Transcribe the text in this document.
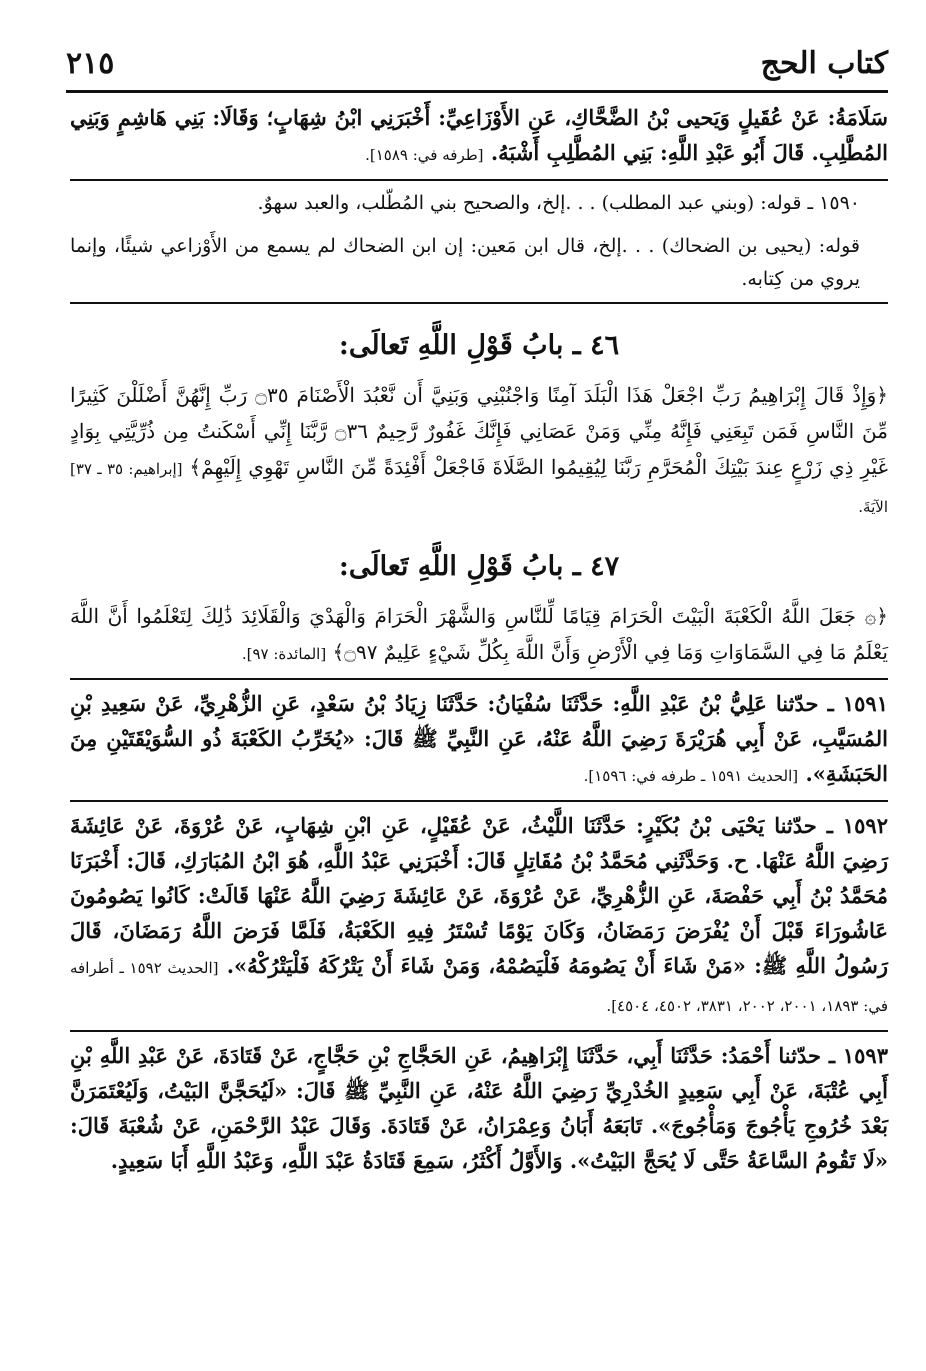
كتاب الحج
٢١٥

سَلَامَةُ: عَنْ عُقَيلٍ وَيَحيى بْنُ الضَّحَّاكِ، عَنِ الأَوْزَاعِيِّ: أَخْبَرَنِي ابْنُ شِهَابٍ؛ وَقَالَا: بَنِي هَاشِمٍ وَبَنِي المُطَّلِبِ. قَالَ أَبُو عَبْدِ اللَّهِ: بَنِي المُطَّلِبِ أَشْبَهُ. [طرفه في: ١٥٨٩].

١٥٩٠ ـ قوله: (وبني عبد المطلب) . . .إلخ، والصحيح بني المُطّلب، والعبد سهوٌ.

قوله: (يحيى بن الضحاك) . . .إلخ، قال ابن مَعين: إن ابن الضحاك لم يسمع من الأَوْزاعي شيئًا، وإنما يروي من كِتابه.

٤٦ ـ بابُ قَوْلِ اللَّهِ تَعالَى:

﴿وَإِذْ قَالَ إِبْرَاهِيمُ رَبِّ اجْعَلْ هَذَا الْبَلَدَ آمِنًا وَاجْنُبْنِي وَبَنِيَّ أَن نَّعْبُدَ الْأَصْنَامَ ۝٣٥ رَبِّ إِنَّهُنَّ أَضْلَلْنَ كَثِيرًا مِّنَ النَّاسِ فَمَن تَبِعَنِي فَإِنَّهُ مِنِّي وَمَنْ عَصَانِي فَإِنَّكَ غَفُورٌ رَّحِيمٌ ۝٣٦ رَّبَّنَا إِنِّي أَسْكَنتُ مِن ذُرِّيَّتِي بِوَادٍ غَيْرِ ذِي زَرْعٍ عِندَ بَيْتِكَ الْمُحَرَّمِ رَبَّنَا لِيُقِيمُوا الصَّلَاةَ فَاجْعَلْ أَفْئِدَةً مِّنَ النَّاسِ تَهْوِي إِلَيْهِمْ﴾ [إبراهيم: ٣٥ ـ ٣٧] الآيَةَ.

٤٧ ـ بابُ قَوْلِ اللَّهِ تَعالَى:

﴿۞ جَعَلَ اللَّهُ الْكَعْبَةَ الْبَيْتَ الْحَرَامَ قِيَامًا لِّلنَّاسِ وَالشَّهْرَ الْحَرَامَ وَالْهَدْيَ وَالْقَلَائِدَ ذَٰلِكَ لِتَعْلَمُوا أَنَّ اللَّهَ يَعْلَمُ مَا فِي السَّمَاوَاتِ وَمَا فِي الْأَرْضِ وَأَنَّ اللَّهَ بِكُلِّ شَيْءٍ عَلِيمٌ ۝٩٧﴾ [المائدة: ٩٧].

١٥٩١ ـ حدّثنا عَلِيُّ بْنُ عَبْدِ اللَّهِ: حَدَّثَنَا سُفْيَانُ: حَدَّثَنَا زِيَادُ بْنُ سَعْدٍ، عَنِ الزُّهْرِيِّ، عَنْ سَعِيدِ بْنِ المُسَيَّبِ، عَنْ أَبِي هُرَيْرَةَ رَضِيَ اللَّهُ عَنْهُ، عَنِ النَّبِيِّ ﷺ قَالَ: «يُخَرِّبُ الكَعْبَةَ ذُو السُّوَيْقَتَيْنِ مِنَ الحَبَشَةِ». [الحديث ١٥٩١ ـ طرفه في: ١٥٩٦].

١٥٩٢ ـ حدّثنا يَحْيَى بْنُ بُكَيْرٍ: حَدَّثَنَا اللَّيْثُ، عَنْ عُقَيْلٍ، عَنِ ابْنِ شِهَابٍ، عَنْ عُرْوَةَ، عَنْ عَائِشَةَ رَضِيَ اللَّهُ عَنْهَا. ح. وَحَدَّثَنِي مُحَمَّدُ بْنُ مُقَاتِلٍ قَالَ: أَخْبَرَنِي عَبْدُ اللَّهِ، هُوَ ابْنُ المُبَارَكِ، قَالَ: أَخْبَرَنَا مُحَمَّدُ بْنُ أَبِي حَفْصَةَ، عَنِ الزُّهْرِيِّ، عَنْ عُرْوَةَ، عَنْ عَائِشَةَ رَضِيَ اللَّهُ عَنْهَا قَالَتْ: كَانُوا يَصُومُونَ عَاشُورَاءَ قَبْلَ أَنْ يُفْرَضَ رَمَضَانُ، وَكَانَ يَوْمًا تُسْتَرُ فِيهِ الكَعْبَةُ، فَلَمَّا فَرَضَ اللَّهُ رَمَضَانَ، قَالَ رَسُولُ اللَّهِ ﷺ: «مَنْ شَاءَ أَنْ يَصُومَهُ فَلْيَصُمْهُ، وَمَنْ شَاءَ أَنْ يَتْرُكَهُ فَلْيَتْرُكْهُ». [الحديث ١٥٩٢ ـ أطرافه في: ١٨٩٣، ٢٠٠١، ٢٠٠٢، ٣٨٣١، ٤٥٠٢، ٤٥٠٤].

١٥٩٣ ـ حدّثنا أَحْمَدُ: حَدَّثَنَا أَبِي، حَدَّثَنَا إِبْرَاهِيمُ، عَنِ الحَجَّاجِ بْنِ حَجَّاجٍ، عَنْ قَتَادَةَ، عَنْ عَبْدِ اللَّهِ بْنِ أَبِي عُتْبَةَ، عَنْ أَبِي سَعِيدٍ الخُدْرِيِّ رَضِيَ اللَّهُ عَنْهُ، عَنِ النَّبِيِّ ﷺ قَالَ: «لَيُحَجَّنَّ البَيْتُ، وَلَيُعْتَمَرَنَّ بَعْدَ خُرُوجِ يَأْجُوجَ وَمَأْجُوجَ». تَابَعَهُ أَبَانُ وَعِمْرَانُ، عَنْ قَتَادَةَ. وَقَالَ عَبْدُ الرَّحْمَنِ، عَنْ شُعْبَةَ قَالَ: «لَا تَقُومُ السَّاعَةُ حَتَّى لَا يُحَجَّ البَيْتُ». وَالأَوَّلُ أَكْثَرُ، سَمِعَ قَتَادَةُ عَبْدَ اللَّهِ، وَعَبْدُ اللَّهِ أَبَا سَعِيدٍ.
